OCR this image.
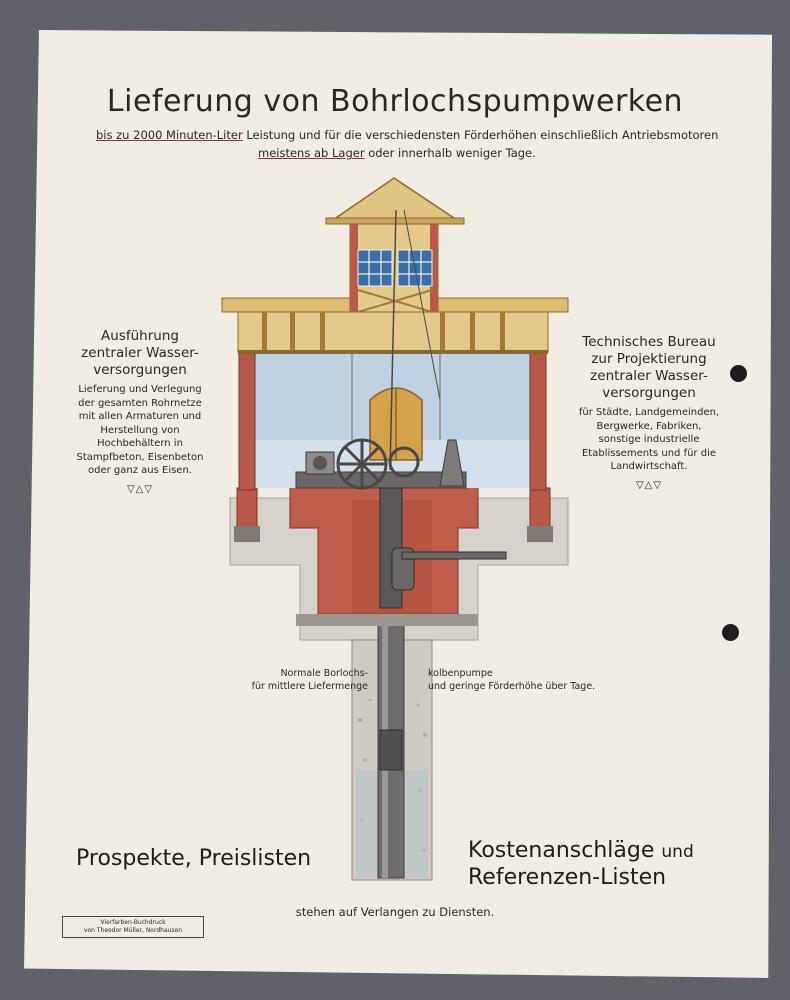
Lieferung von Bohrlochspumpwerken
bis zu 2000 Minuten-Liter Leistung und für die verschiedensten Förderhöhen einschließlich Antriebsmotoren
meistens ab Lager oder innerhalb weniger Tage.
Ausführung zentraler Wasser-versorgungen
Lieferung und Verlegung der gesamten Rohrnetze mit allen Armaturen und Herstellung von Hochbehältern in Stampfbeton, Eisenbeton oder ganz aus Eisen.
▽△▽
Technisches Bureau zur Projektierung zentraler Wasser-versorgungen
für Städte, Landgemeinden, Bergwerke, Fabriken, sonstige industrielle Etablissements und für die Landwirtschaft.
▽△▽
Normale Borlochs-
für mittlere Liefermenge
kolbenpumpe
und geringe Förderhöhe über Tage.
Prospekte, Preislisten	Kostenanschläge und
Referenzen-Listen
stehen auf Verlangen zu Diensten.
Vierfarben-Buchdruck
von Theodor Müller, Nordhausen
